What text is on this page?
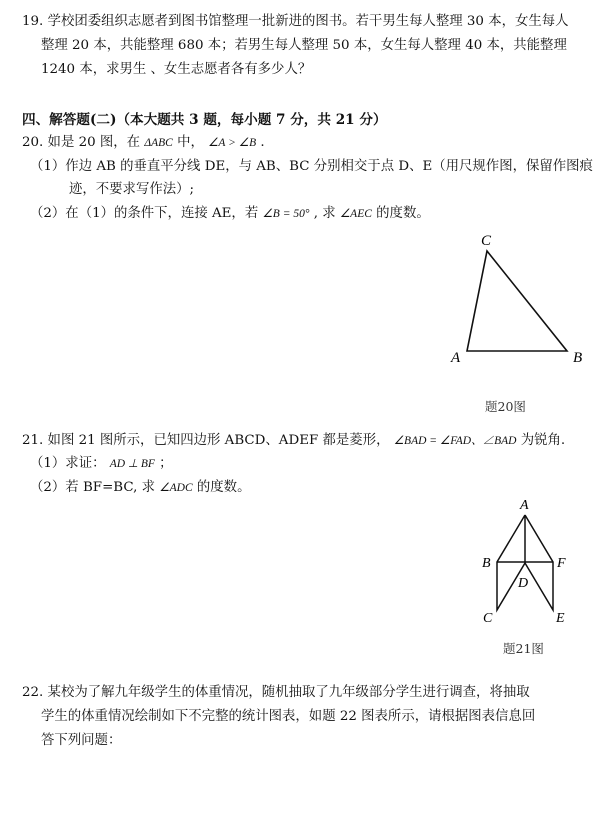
19. 学校团委组织志愿者到图书馆整理一批新进的图书。若干男生每人整理 30 本，女生每人
整理 20 本，共能整理 680 本；若男生每人整理 50 本，女生每人整理 40 本，共能整理
1240 本，求男生 、女生志愿者各有多少人？
四、解答题(二)（本大题共 3 题，每小题 7 分，共 21 分）
20. 如是 20 图，在 ΔABC 中， ∠A > ∠B .
（1）作边 AB 的垂直平分线 DE，与 AB、BC 分别相交于点 D、E（用尺规作图，保留作图痕
迹，不要求写作法）;
（2）在（1）的条件下，连接 AE，若 ∠B = 50° , 求 ∠AEC 的度数。
C
A	B
题20图
21. 如图 21 图所示，已知四边形 ABCD、ADEF 都是菱形， ∠BAD = ∠FAD、∠BAD 为锐角.
（1）求证： AD ⊥ BF ；
（2）若 BF=BC, 求 ∠ADC 的度数。
A
B	F
D
C	E
题21图
22. 某校为了解九年级学生的体重情况，随机抽取了九年级部分学生进行调查，将抽取
学生的体重情况绘制如下不完整的统计图表，如题 22 图表所示，请根据图表信息回
答下列问题：
